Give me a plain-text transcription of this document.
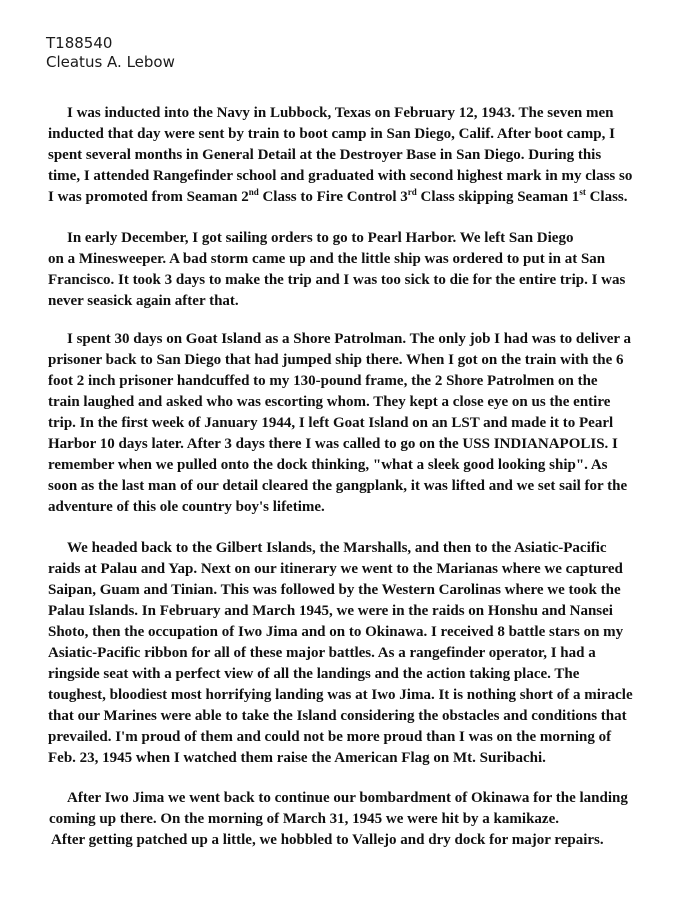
T188540
Cleatus A. Lebow
I was inducted into the Navy in Lubbock, Texas on February 12, 1943. The seven men
inducted that day were sent by train to boot camp in San Diego, Calif. After boot camp, I
spent several months in General Detail at the Destroyer Base in San Diego. During this
time, I attended Rangefinder school and graduated with second highest mark in my class so
I was promoted from Seaman 2nd Class to Fire Control 3rd Class skipping Seaman 1st Class.
In early December, I got sailing orders to go to Pearl Harbor. We left San Diego
on a Minesweeper. A bad storm came up and the little ship was ordered to put in at San
Francisco. It took 3 days to make the trip and I was too sick to die for the entire trip. I was
never seasick again after that.
I spent 30 days on Goat Island as a Shore Patrolman. The only job I had was to deliver a
prisoner back to San Diego that had jumped ship there. When I got on the train with the 6
foot 2 inch prisoner handcuffed to my 130-pound frame, the 2 Shore Patrolmen on the
train laughed and asked who was escorting whom. They kept a close eye on us the entire
trip. In the first week of January 1944, I left Goat Island on an LST and made it to Pearl
Harbor 10 days later. After 3 days there I was called to go on the USS INDIANAPOLIS. I
remember when we pulled onto the dock thinking, "what a sleek good looking ship". As
soon as the last man of our detail cleared the gangplank, it was lifted and we set sail for the
adventure of this ole country boy's lifetime.
We headed back to the Gilbert Islands, the Marshalls, and then to the Asiatic-Pacific
raids at Palau and Yap. Next on our itinerary we went to the Marianas where we captured
Saipan, Guam and Tinian. This was followed by the Western Carolinas where we took the
Palau Islands. In February and March 1945, we were in the raids on Honshu and Nansei
Shoto, then the occupation of Iwo Jima and on to Okinawa. I received 8 battle stars on my
Asiatic-Pacific ribbon for all of these major battles. As a rangefinder operator, I had a
ringside seat with a perfect view of all the landings and the action taking place. The
toughest, bloodiest most horrifying landing was at Iwo Jima. It is nothing short of a miracle
that our Marines were able to take the Island considering the obstacles and conditions that
prevailed. I'm proud of them and could not be more proud than I was on the morning of
Feb. 23, 1945 when I watched them raise the American Flag on Mt. Suribachi.
After Iwo Jima we went back to continue our bombardment of Okinawa for the landing
coming up there. On the morning of March 31, 1945 we were hit by a kamikaze.
After getting patched up a little, we hobbled to Vallejo and dry dock for major repairs.
